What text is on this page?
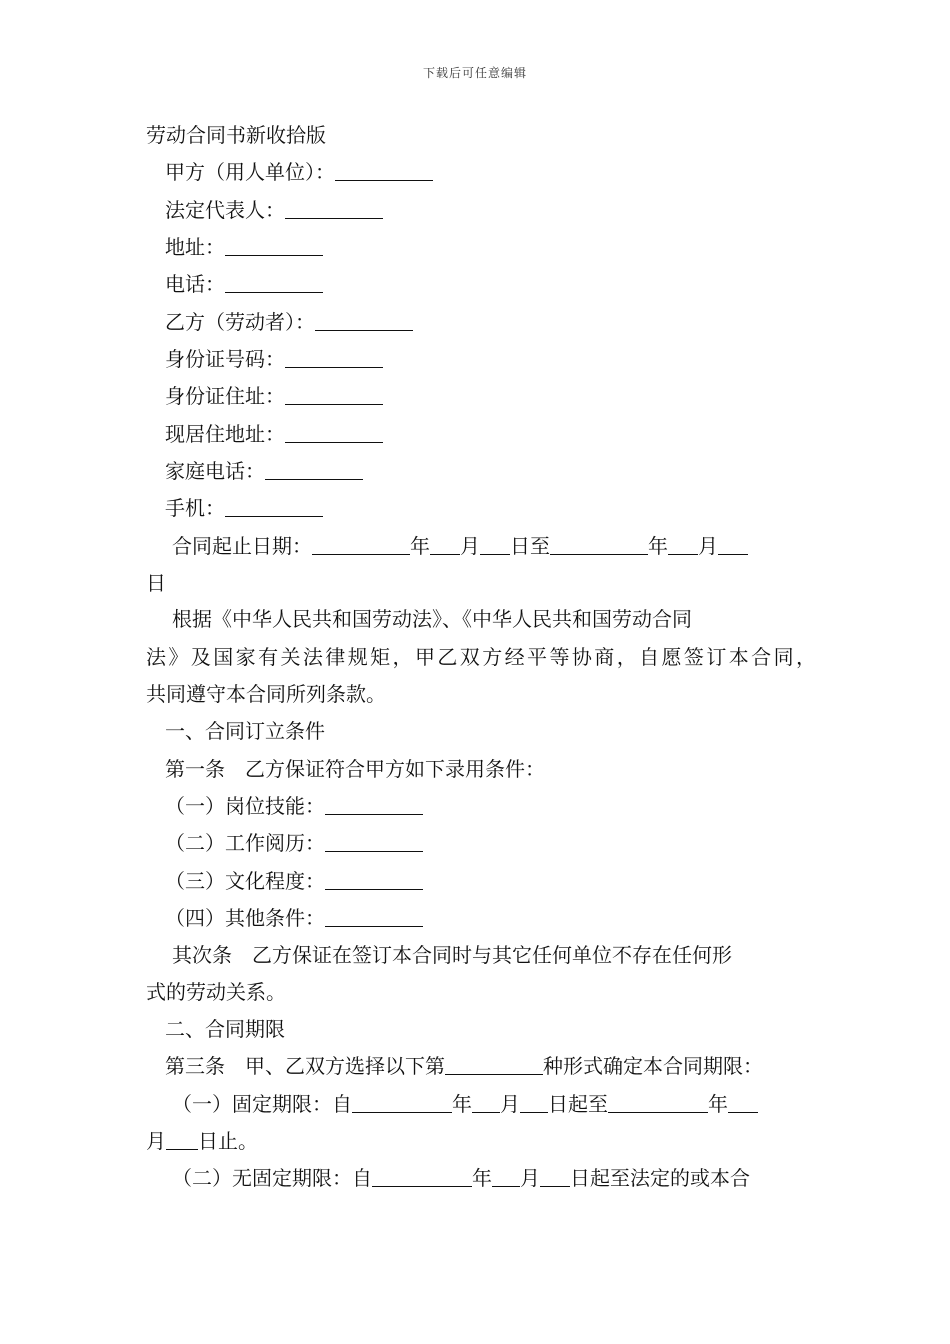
下载后可任意编辑
劳动合同书新收拾版
甲方（用人单位）：
法定代表人：
地址：
电话：
乙方（劳动者）：
身份证号码：
身份证住址：
现居住地址：
家庭电话：
手机：
合同起止日期：	年 月 日至	年 月
日
根据《中华人民共和国劳动法》、《中华人民共和国劳动合同
法》及国家有关法律规矩，甲乙双方经平等协商，自愿签订本合同，
共同遵守本合同所列条款。
一、合同订立条件
第一条　乙方保证符合甲方如下录用条件：
（一）岗位技能：
（二）工作阅历：
（三）文化程度：
（四）其他条件：
其次条　乙方保证在签订本合同时与其它任何单位不存在任何形
式的劳动关系。
二、合同期限
第三条　甲、乙双方选择以下第	种形式确定本合同期限：
（一）固定期限：自	年 月 日起至	年
月 日止。
（二）无固定期限：自	年 月 日起至法定的或本合
